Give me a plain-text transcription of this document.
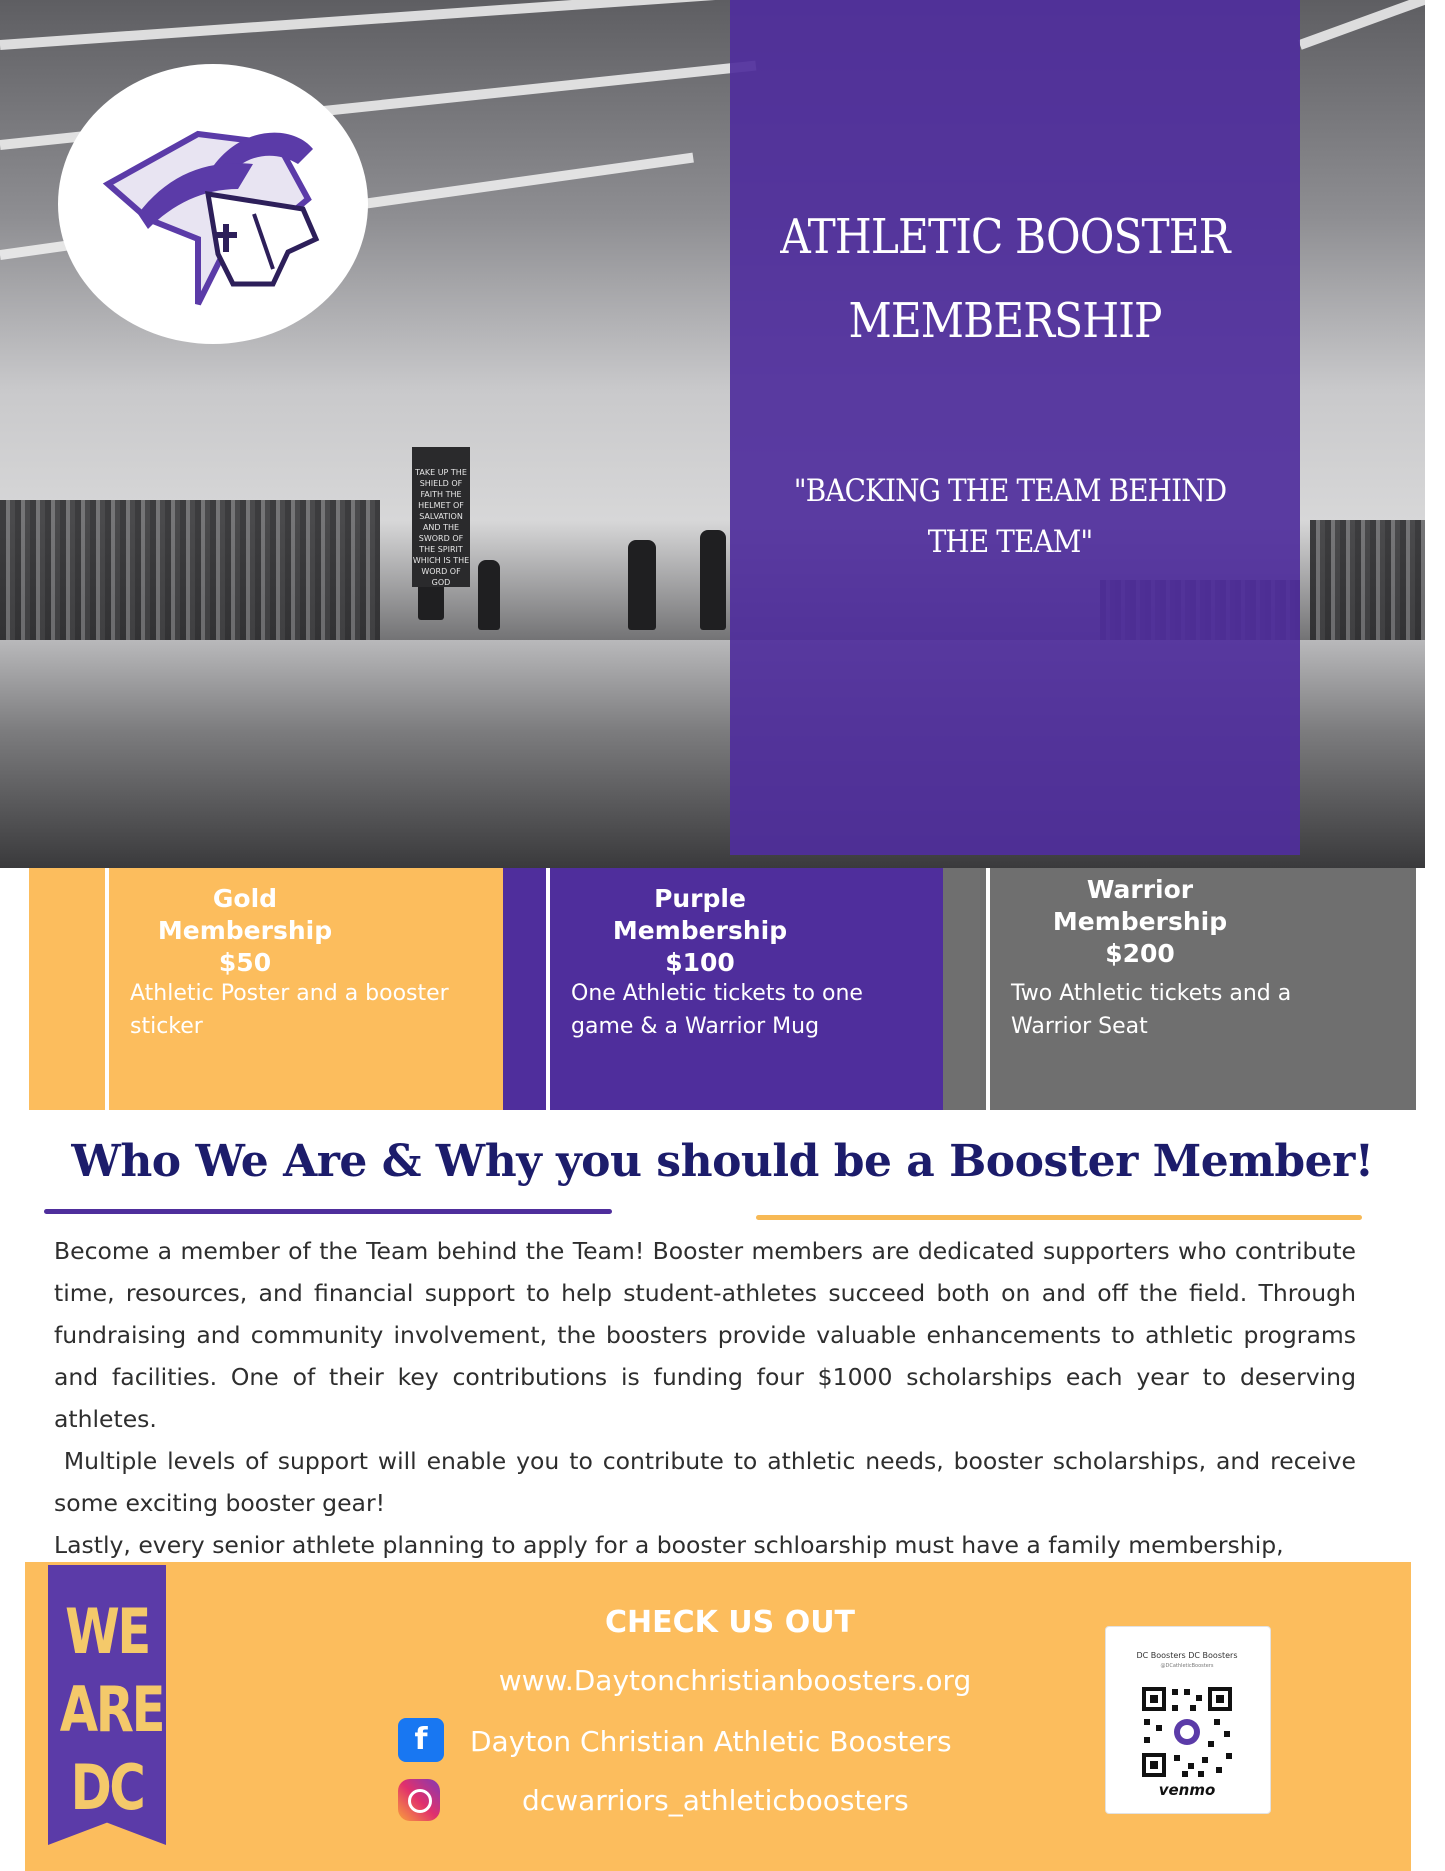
TAKE UP THE SHIELD OF FAITH THE HELMET OF SALVATION AND THE SWORD OF THE SPIRIT WHICH IS THE WORD OF GOD
ATHLETIC BOOSTER
MEMBERSHIP
"BACKING THE TEAM BEHIND
THE TEAM"
Gold
Membership
$50
Athletic Poster and a booster
sticker
Purple
Membership
$100
One Athletic tickets to one
game & a Warrior Mug
Warrior
Membership
$200
Two Athletic tickets and a
Warrior Seat
Who We Are & Why you should be a Booster Member!

Become a member of the Team behind the Team! Booster members are dedicated supporters who contribute time, resources, and financial support to help student-athletes succeed both on and off the field. Through fundraising and community involvement, the boosters provide valuable enhancements to athletic programs and facilities. One of their key contributions is funding four $1000 scholarships each year to deserving athletes.

Multiple levels of support will enable you to contribute to athletic needs, booster scholarships, and receive some exciting booster gear!

Lastly, every senior athlete planning to apply for a booster schloarship must have a family membership,

WE
ARE
DC
CHECK US OUT
www.Daytonchristianboosters.org
f	Dayton Christian Athletic Boosters
dcwarriors_athleticboosters
DC Boosters DC Boosters
@DCathleticBoosters
venmo
